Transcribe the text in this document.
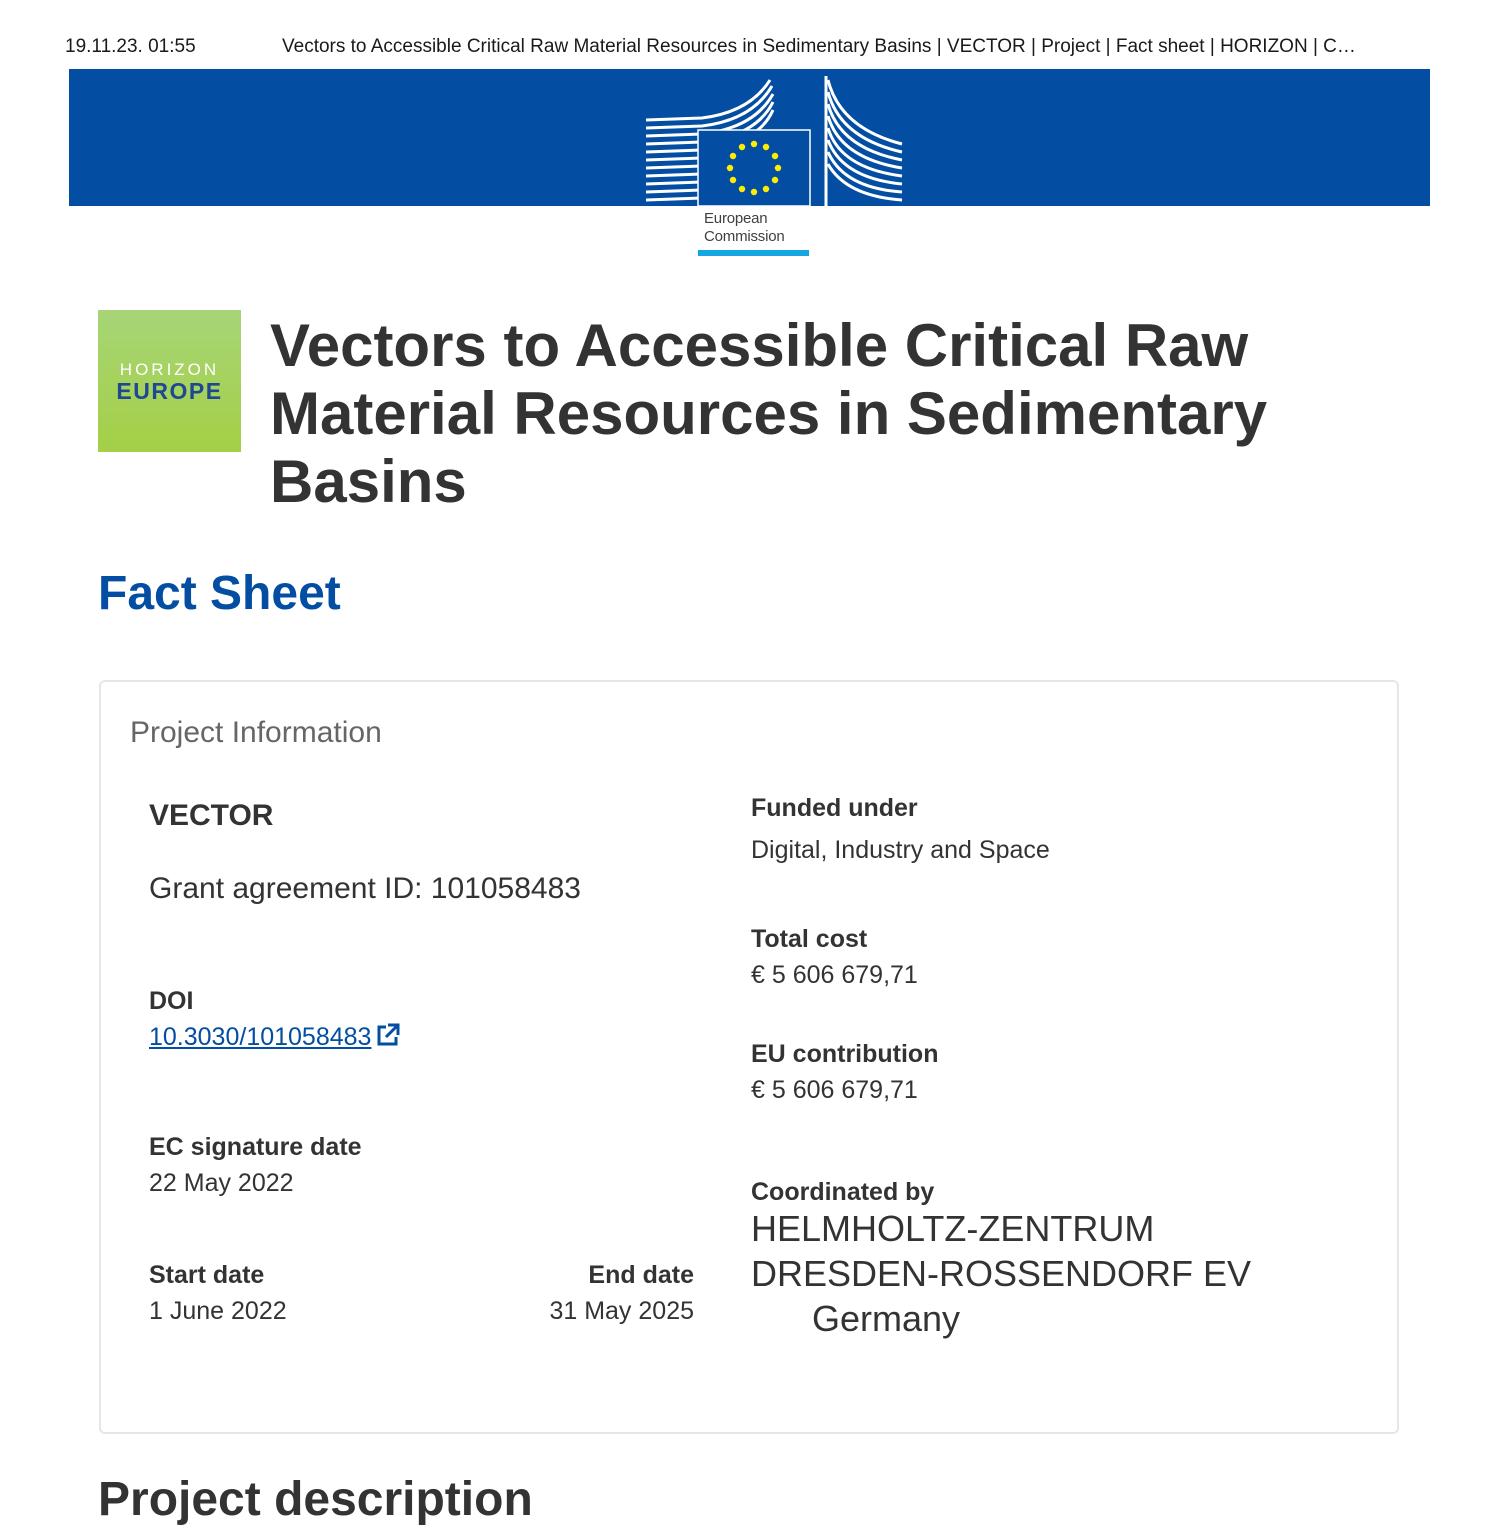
19.11.23. 01:55	Vectors to Accessible Critical Raw Material Resources in Sedimentary Basins | VECTOR | Project | Fact sheet | HORIZON | C…
European
Commission
HORIZON
EUROPE
Vectors to Accessible Critical Raw Material Resources in Sedimentary Basins
Fact Sheet
Project Information
VECTOR
Grant agreement ID: 101058483
DOI
10.3030/101058483
EC signature date
22 May 2022
Start date
1 June 2022
End date
31 May 2025
Funded under
Digital, Industry and Space
Total cost
€ 5 606 679,71
EU contribution
€ 5 606 679,71
Coordinated by
HELMHOLTZ-ZENTRUM
DRESDEN-ROSSENDORF EV
Germany
Project description
